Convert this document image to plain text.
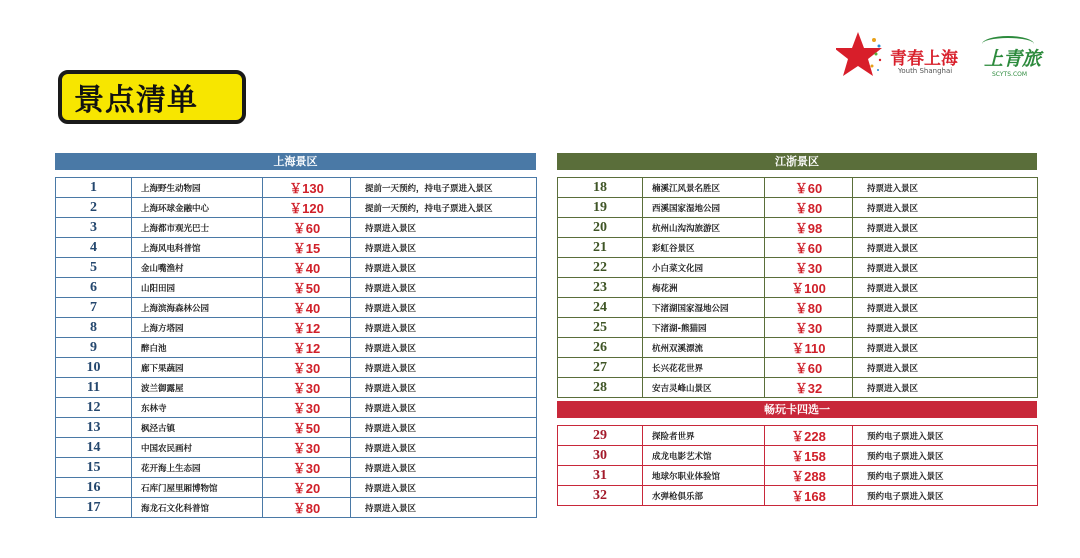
景点清单
青春上海
Youth Shanghai
上青旅
SCYTS.COM
上海景区
1	上海野生动物园	￥130	提前一天预约，持电子票进入景区
2	上海环球金融中心	￥120	提前一天预约，持电子票进入景区
3	上海都市观光巴士	￥60	持票进入景区
4	上海风电科普馆	￥15	持票进入景区
5	金山嘴渔村	￥40	持票进入景区
6	山阳田园	￥50	持票进入景区
7	上海滨海森林公园	￥40	持票进入景区
8	上海方塔园	￥12	持票进入景区
9	醉白池	￥12	持票进入景区
10	廊下果蔬园	￥30	持票进入景区
11	波兰御露屋	￥30	持票进入景区
12	东林寺	￥30	持票进入景区
13	枫泾古镇	￥50	持票进入景区
14	中国农民画村	￥30	持票进入景区
15	花开海上生态园	￥30	持票进入景区
16	石库门屋里厢博物馆	￥20	持票进入景区
17	海龙石文化科普馆	￥80	持票进入景区
江浙景区
18	楠溪江风景名胜区	￥60	持票进入景区
19	西溪国家湿地公园	￥80	持票进入景区
20	杭州山沟沟旅游区	￥98	持票进入景区
21	彩虹谷景区	￥60	持票进入景区
22	小白菜文化园	￥30	持票进入景区
23	梅花洲	￥100	持票进入景区
24	下渚湖国家湿地公园	￥80	持票进入景区
25	下渚湖-熊猫园	￥30	持票进入景区
26	杭州双溪漂流	￥110	持票进入景区
27	长兴花花世界	￥60	持票进入景区
28	安吉灵峰山景区	￥32	持票进入景区
畅玩卡四选一
29	探险者世界	￥228	预约电子票进入景区
30	成龙电影艺术馆	￥158	预约电子票进入景区
31	地球尔职业体验馆	￥288	预约电子票进入景区
32	水弹枪俱乐部	￥168	预约电子票进入景区
